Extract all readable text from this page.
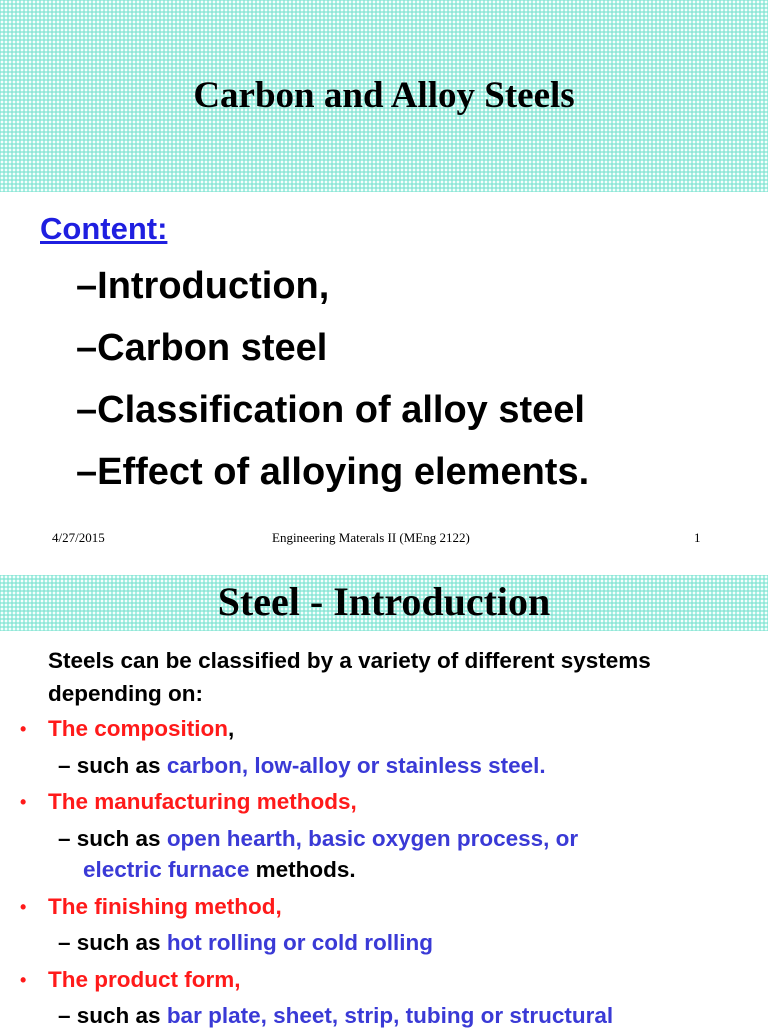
Carbon and Alloy Steels
Content:
–Introduction,
–Carbon steel
–Classification of alloy steel
–Effect of alloying elements.
4/27/2015	Engineering Materals II (MEng 2122)	1
Steel - Introduction
Steels can be classified by a variety of different systems
depending on:
• The composition,
– such as carbon, low-alloy or stainless steel.
• The manufacturing methods,
– such as open hearth, basic oxygen process, or
electric furnace methods.
• The finishing method,
– such as hot rolling or cold rolling
• The product form,
– such as bar plate, sheet, strip, tubing or structural
